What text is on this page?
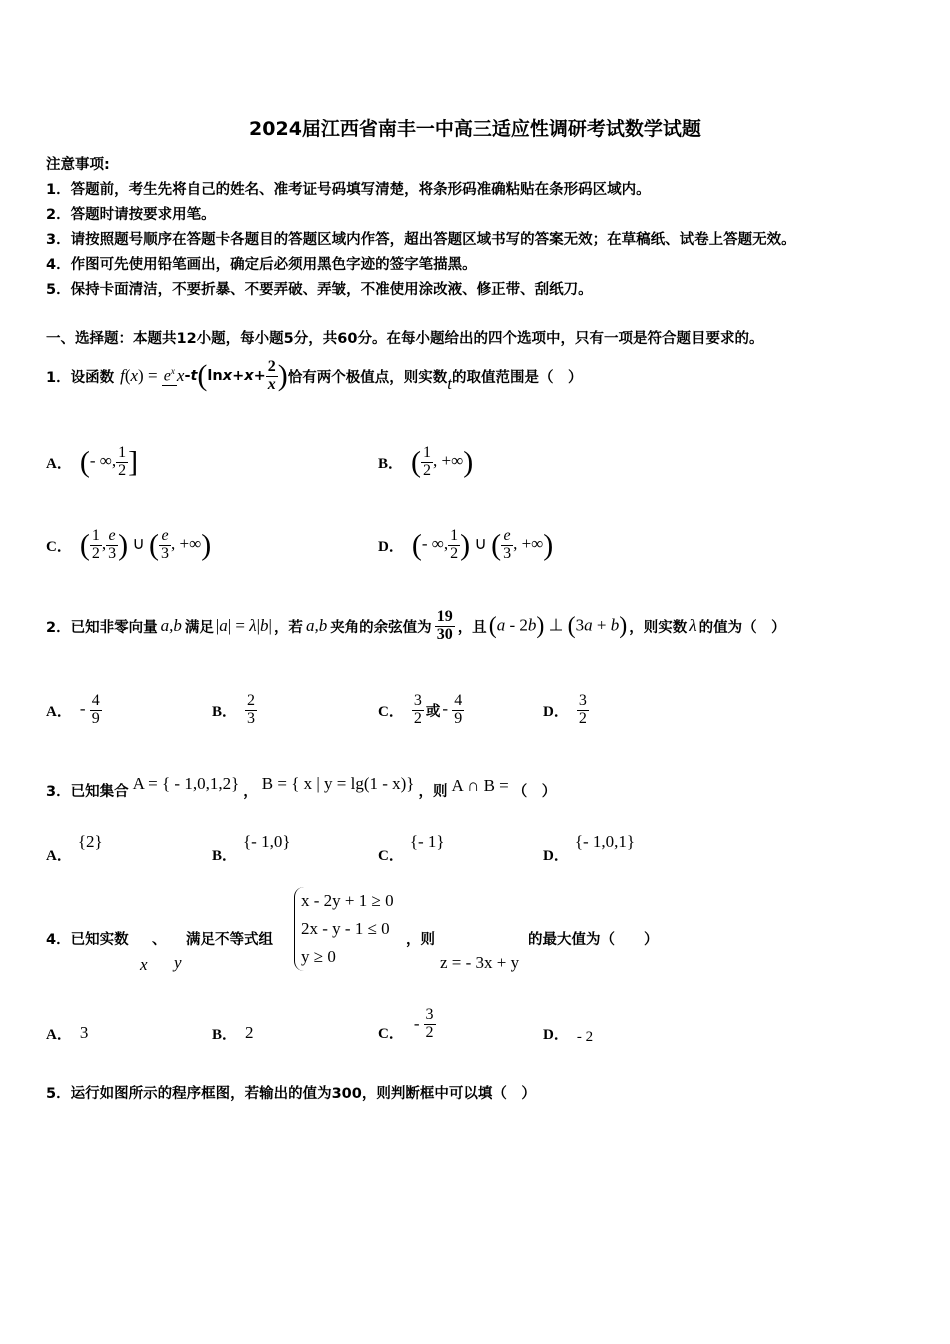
2024届江西省南丰一中高三适应性调研考试数学试题
注意事项:
1．答题前，考生先将自己的姓名、准考证号码填写清楚，将条形码准确粘贴在条形码区域内。
2．答题时请按要求用笔。
3．请按照题号顺序在答题卡各题目的答题区域内作答，超出答题区域书写的答案无效；在草稿纸、试卷上答题无效。
4．作图可先使用铅笔画出，确定后必须用黑色字迹的签字笔描黑。
5．保持卡面清洁，不要折暴、不要弄破、弄皱，不准使用涂改液、修正带、刮纸刀。
一、选择题：本题共12小题，每小题5分，共60分。在每小题给出的四个选项中，只有一项是符合题目要求的。
1．设函数 $f(x) = e^x$ x - t ( $\ln x + x + \frac{2}{x}$ ) 恰有两个极值点，则实数 t 的取值范围是（　）
A． (- ∞, $\frac{1}{2}$ ]	B． ( $\frac{1}{2}$ , +∞)
C． ( $\frac{1}{2}$ , $\frac{e}{3}$ ) ∪ ( $\frac{e}{3}$ , +∞)	D． (- ∞, $\frac{1}{2}$ ) ∪ ( $\frac{e}{3}$ , +∞)
2．已知非零向量 a,b 满足 |a| = λ|b| ，若 a,b 夹角的余弦值为 $\frac{19}{30}$ ，且 (a - 2b) ⊥ (3a + b) ，则实数 λ 的值为（　）
A． - $\frac{4}{9}$	B． $\frac{2}{3}$	C． $\frac{3}{2}$ 或 - $\frac{4}{9}$	D． $\frac{3}{2}$
3．已知集合 A = { - 1,0,1,2} ， B = { x | y = lg(1 - x)} ，则 A ∩ B = （　）
A．
{2}
B．
{- 1,0}
C．
{- 1}
D．
{- 1,0,1}
4．已知实数 、 满足不等式组
x y
x - 2y + 1 ≥ 0
2x - y - 1 ≤ 0
y ≥ 0
，则
z = - 3x + y
的最大值为（　　）
A． 3	B． 2	C．
- $\frac{3}{2}$	D． - 2
5．运行如图所示的程序框图，若输出的值为300，则判断框中可以填（　）
